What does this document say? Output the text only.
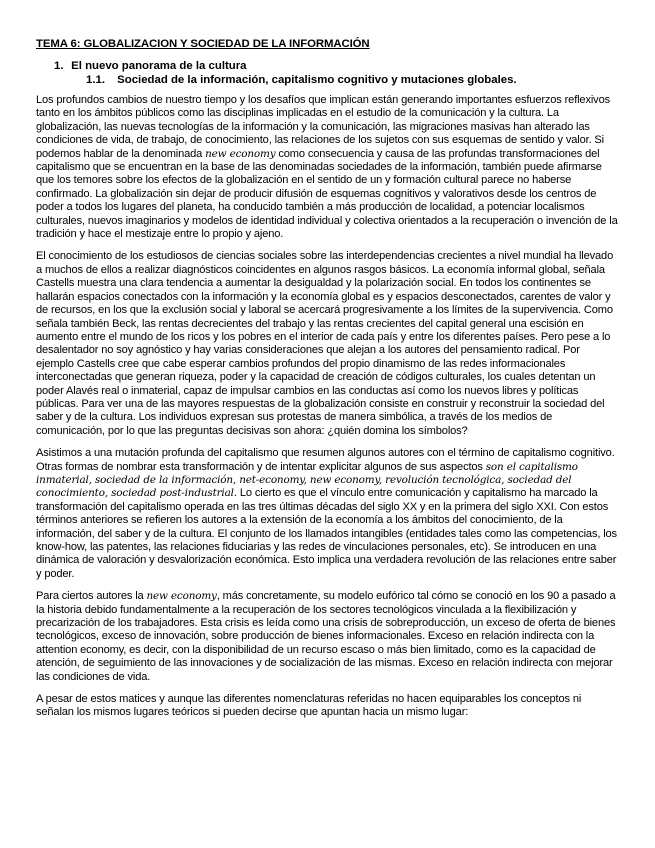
TEMA 6: GLOBALIZACION Y SOCIEDAD DE LA INFORMACIÓN
1. El nuevo panorama de la cultura
1.1. Sociedad de la información, capitalismo cognitivo y mutaciones globales.

Los profundos cambios de nuestro tiempo y los desafíos que implican están generando importantes esfuerzos reflexivos tanto en los ámbitos públicos como las disciplinas implicadas en el estudio de la comunicación y la cultura. La globalización, las nuevas tecnologías de la información y la comunicación, las migraciones masivas han alterado las condiciones de vida, de trabajo, de conocimiento, las relaciones de los sujetos con sus esquemas de sentido y valor. Si podemos hablar de la denominada new economy como consecuencia y causa de las profundas transformaciones del capitalismo que se encuentran en la base de las denominadas sociedades de la información, también puede afirmarse que los temores sobre los efectos de la globalización en el sentido de un y formación cultural parece no haberse confirmado. La globalización sin dejar de producir difusión de esquemas cognitivos y valorativos desde los centros de poder a todos los lugares del planeta, ha conducido también a más producción de localidad, a potenciar localismos culturales, nuevos imaginarios y modelos de identidad individual y colectiva orientados a la recuperación o invención de la tradición y hace el mestizaje entre lo propio y ajeno.

El conocimiento de los estudiosos de ciencias sociales sobre las interdependencias crecientes a nivel mundial ha llevado a muchos de ellos a realizar diagnósticos coincidentes en algunos rasgos básicos. La economía informal global, señala Castells muestra una clara tendencia a aumentar la desigualdad y la polarización social. En todos los continentes se hallarán espacios conectados con la información y la economía global es y espacios desconectados, carentes de valor y de recursos, en los que la exclusión social y laboral se acercará progresivamente a los límites de la supervivencia. Como señala también Beck, las rentas decrecientes del trabajo y las rentas crecientes del capital general una escisión en aumento entre el mundo de los ricos y los pobres en el interior de cada país y entre los diferentes países. Pero pese a lo desalentador no soy agnóstico y hay varias consideraciones que alejan a los autores del pensamiento radical. Por ejemplo Castells cree que cabe esperar cambios profundos del propio dinamismo de las redes informacionales interconectadas que generan riqueza, poder y la capacidad de creación de códigos culturales, los cuales detentan un poder Alavés real o inmaterial, capaz de impulsar cambios en las conductas así como los nuevos libres y políticas públicas. Para ver una de las mayores respuestas de la globalización consiste en construir y reconstruir la sociedad del saber y de la cultura. Los individuos expresan sus protestas de manera simbólica, a través de los medios de comunicación, por lo que las preguntas decisivas son ahora: ¿quién domina los símbolos?

Asistimos a una mutación profunda del capitalismo que resumen algunos autores con el término de capitalismo cognitivo. Otras formas de nombrar esta transformación y de intentar explicitar algunos de sus aspectos son el capitalismo inmaterial, sociedad de la información, net-economy, new economy, revolución tecnológica, sociedad del conocimiento, sociedad post-industrial. Lo cierto es que el vínculo entre comunicación y capitalismo ha marcado la transformación del capitalismo operada en las tres últimas décadas del siglo XX y en la primera del siglo XXI. Con estos términos anteriores se refieren los autores a la extensión de la economía a los ámbitos del conocimiento, de la información, del saber y de la cultura. El conjunto de los llamados intangibles (entidades tales como las competencias, los know-how, las patentes, las relaciones fiduciarias y las redes de vinculaciones personales, etc). Se introducen en una dinámica de valoración y desvalorización económica. Esto implica una verdadera revolución de las relaciones entre saber y poder.

Para ciertos autores la new economy, más concretamente, su modelo eufórico tal cómo se conoció en los 90 a pasado a la historia debido fundamentalmente a la recuperación de los sectores tecnológicos vinculada a la flexibilización y precarización de los trabajadores. Esta crisis es leída como una crisis de sobreproducción, un exceso de oferta de bienes tecnológicos, exceso de innovación, sobre producción de bienes informacionales. Exceso en relación indirecta con la attention economy, es decir, con la disponibilidad de un recurso escaso o más bien limitado, como es la capacidad de atención, de seguimiento de las innovaciones y de socialización de las mismas. Exceso en relación indirecta con mejorar las condiciones de vida.

A pesar de estos matices y aunque las diferentes nomenclaturas referidas no hacen equiparables los conceptos ni señalan los mismos lugares teóricos si pueden decirse que apuntan hacia un mismo lugar:
